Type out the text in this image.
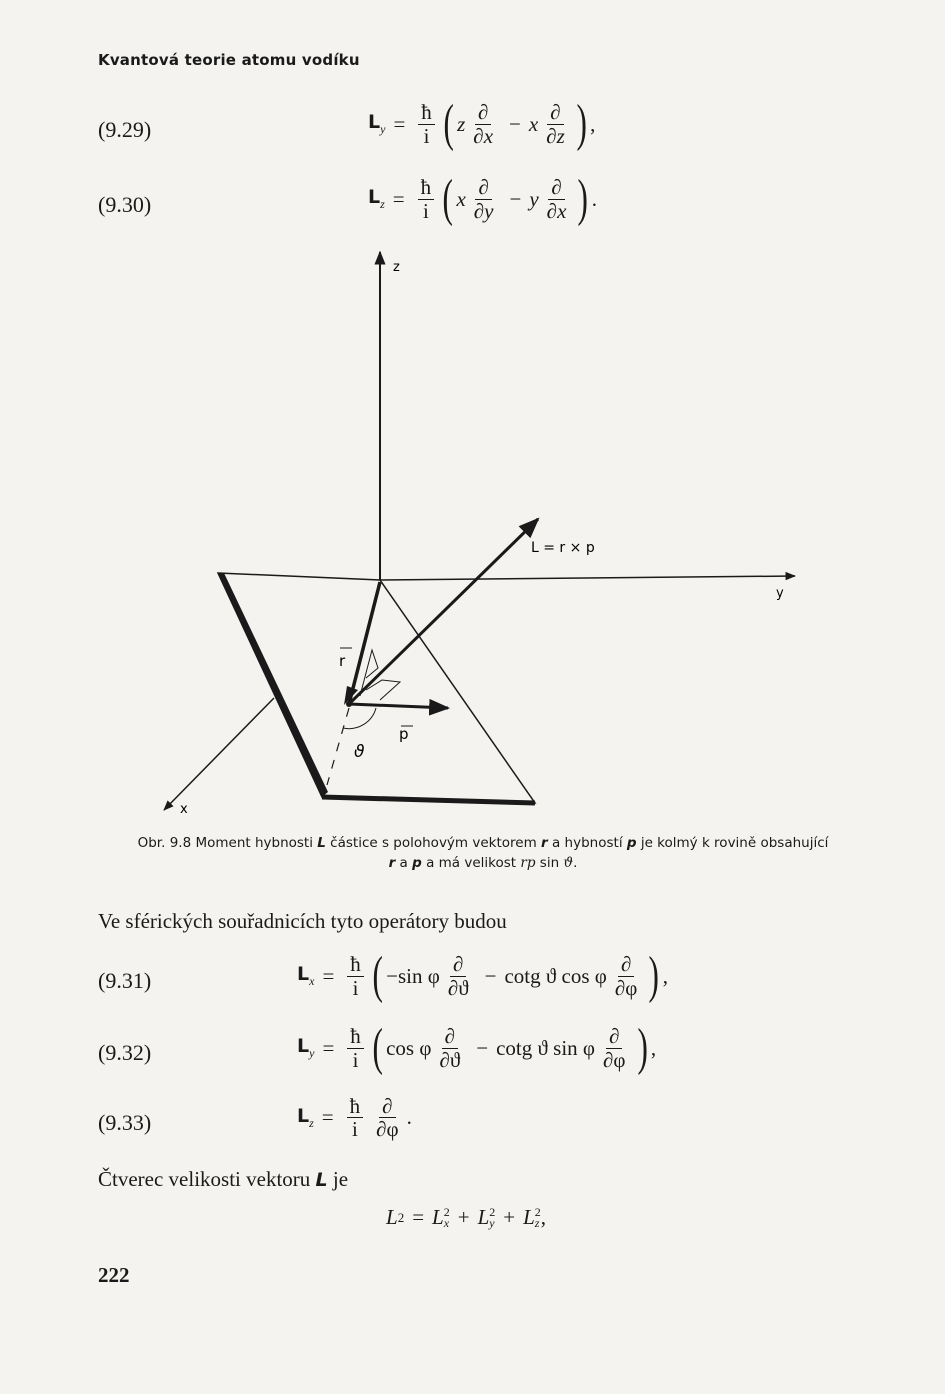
Kvantová teorie atomu vodíku
(9.29)	$L_y = \frac{ħ}{i}$ ( z $\frac{\partial}{\partial x} - x \frac{\partial}{\partial z}$ ) ,
(9.30)	$L_z = \frac{ħ}{i}$ ( x $\frac{\partial}{\partial y} - y \frac{\partial}{\partial x}$ ) .
z
y
x
r
p
L = r × p
ϑ
Obr. 9.8 Moment hybnosti L částice s polohovým vektorem r a hybností p je kolmý k rovině obsahující
r a p a má velikost rp sin ϑ.
Ve sférických souřadnicích tyto operátory budou
(9.31)	$L_x = \frac{ħ}{i}$ ( −sin φ $\frac{\partial}{\partial ϑ} - \cot g$ ϑ cos φ $\frac{\partial}{\partial\varphi}$ ) ,
(9.32)	$L_y = \frac{ħ}{i}$ ( cos φ $\frac{\partial}{\partial ϑ} - \cot g$ ϑ sin φ $\frac{\partial}{\partial\varphi}$ ) ,
(9.33)	$L_z = \frac{ħ}{i} \frac{\partial}{\partial\varphi}$ .
Čtverec velikosti vektoru L je
L 2 = L 2
x + L 2
y + L 2
z ,
222
